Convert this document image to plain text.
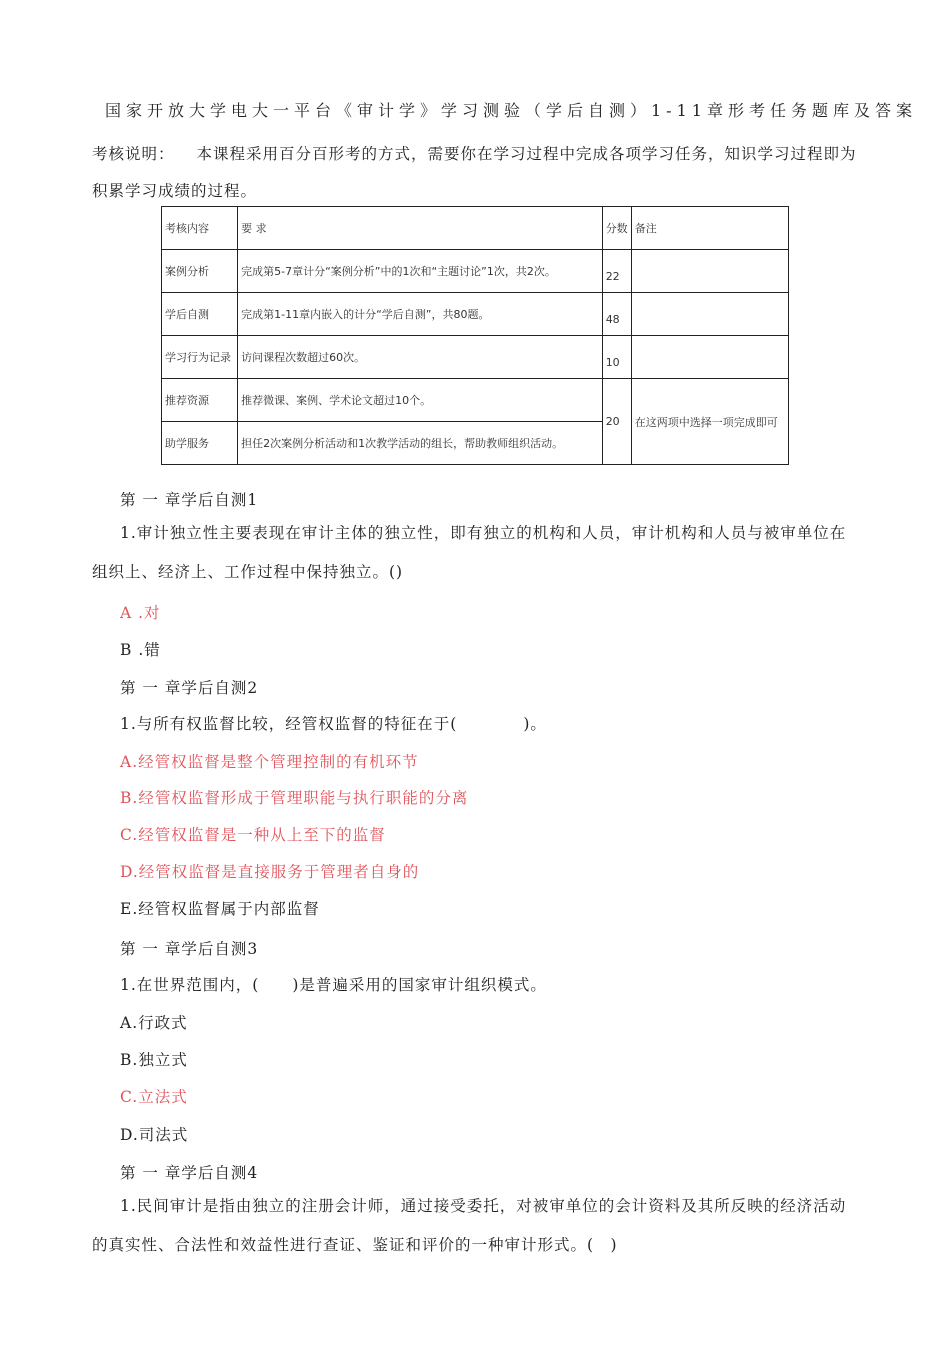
国家开放大学电大一平台《审计学》学习测验（学后自测）1-11章形考任务题库及答案
考核说明： 本课程采用百分百形考的方式，需要你在学习过程中完成各项学习任务，知识学习过程即为积累学习成绩的过程。
考核内容	要 求	分数	备注
案例分析	完成第5-7章计分“案例分析”中的1次和“主题讨论”1次，共2次。	22	
学后自测	完成第1-11章内嵌入的计分“学后自测”，共80题。	48	
学习行为记录	访问课程次数超过60次。	10	
推荐资源	推荐微课、案例、学术论文超过10个。	20	在这两项中选择一项完成即可
助学服务	担任2次案例分析活动和1次教学活动的组长，帮助教师组织活动。		
第 一 章学后自测1
1.审计独立性主要表现在审计主体的独立性，即有独立的机构和人员，审计机构和人员与被审单位在组织上、经济上、工作过程中保持独立。()
A .对
B .错
第 一 章学后自测2
1.与所有权监督比较，经管权监督的特征在于(　　　　)。
A.经管权监督是整个管理控制的有机环节
B.经管权监督形成于管理职能与执行职能的分离
C.经管权监督是一种从上至下的监督
D.经管权监督是直接服务于管理者自身的
E.经管权监督属于内部监督
第 一 章学后自测3
1.在世界范围内，(　　)是普遍采用的国家审计组织模式。
A.行政式
B.独立式
C.立法式
D.司法式
第 一 章学后自测4
1.民间审计是指由独立的注册会计师，通过接受委托，对被审单位的会计资料及其所反映的经济活动的真实性、合法性和效益性进行查证、鉴证和评价的一种审计形式。(　)
